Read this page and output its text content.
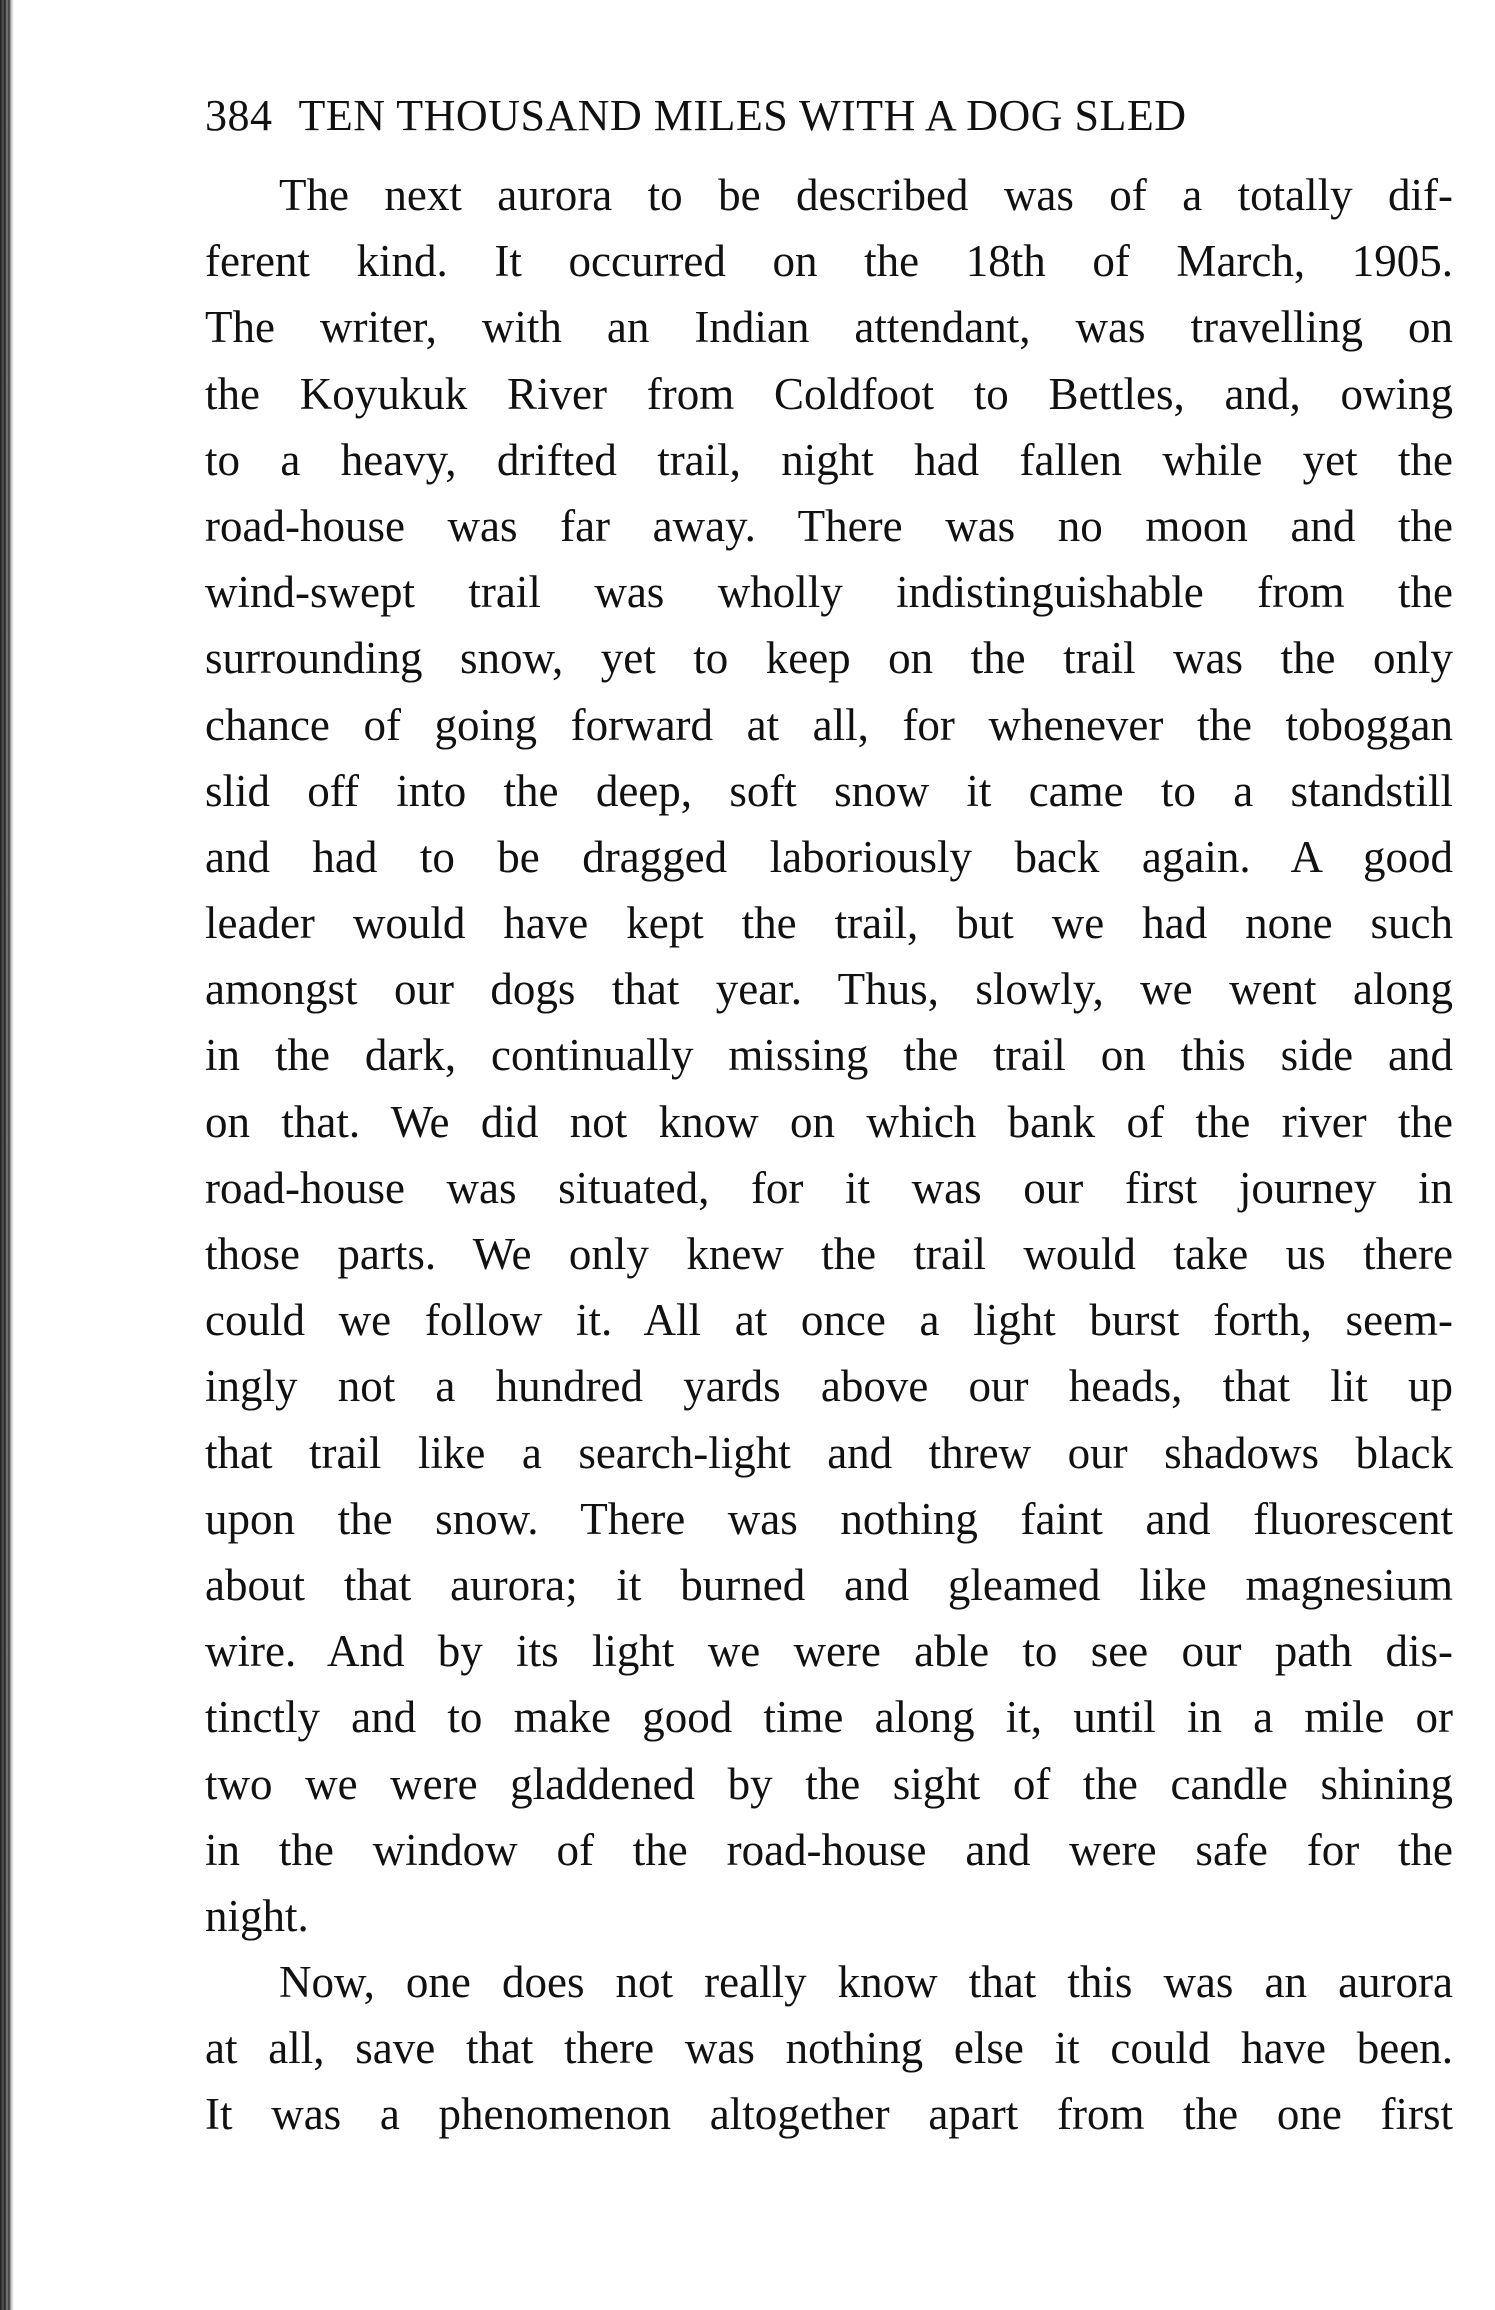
384 TEN THOUSAND MILES WITH A DOG SLED

The next aurora to be described was of a totally dif-
ferent kind. It occurred on the 18th of March, 1905.
The writer, with an Indian attendant, was travelling on
the Koyukuk River from Coldfoot to Bettles, and, owing
to a heavy, drifted trail, night had fallen while yet the
road-house was far away. There was no moon and the
wind-swept trail was wholly indistinguishable from the
surrounding snow, yet to keep on the trail was the only
chance of going forward at all, for whenever the toboggan
slid off into the deep, soft snow it came to a standstill
and had to be dragged laboriously back again. A good
leader would have kept the trail, but we had none such
amongst our dogs that year. Thus, slowly, we went along
in the dark, continually missing the trail on this side and
on that. We did not know on which bank of the river the
road-house was situated, for it was our first journey in
those parts. We only knew the trail would take us there
could we follow it. All at once a light burst forth, seem-
ingly not a hundred yards above our heads, that lit up
that trail like a search-light and threw our shadows black
upon the snow. There was nothing faint and fluorescent
about that aurora; it burned and gleamed like magnesium
wire. And by its light we were able to see our path dis-
tinctly and to make good time along it, until in a mile or
two we were gladdened by the sight of the candle shining
in the window of the road-house and were safe for the
night.

Now, one does not really know that this was an aurora
at all, save that there was nothing else it could have been.
It was a phenomenon altogether apart from the one first
